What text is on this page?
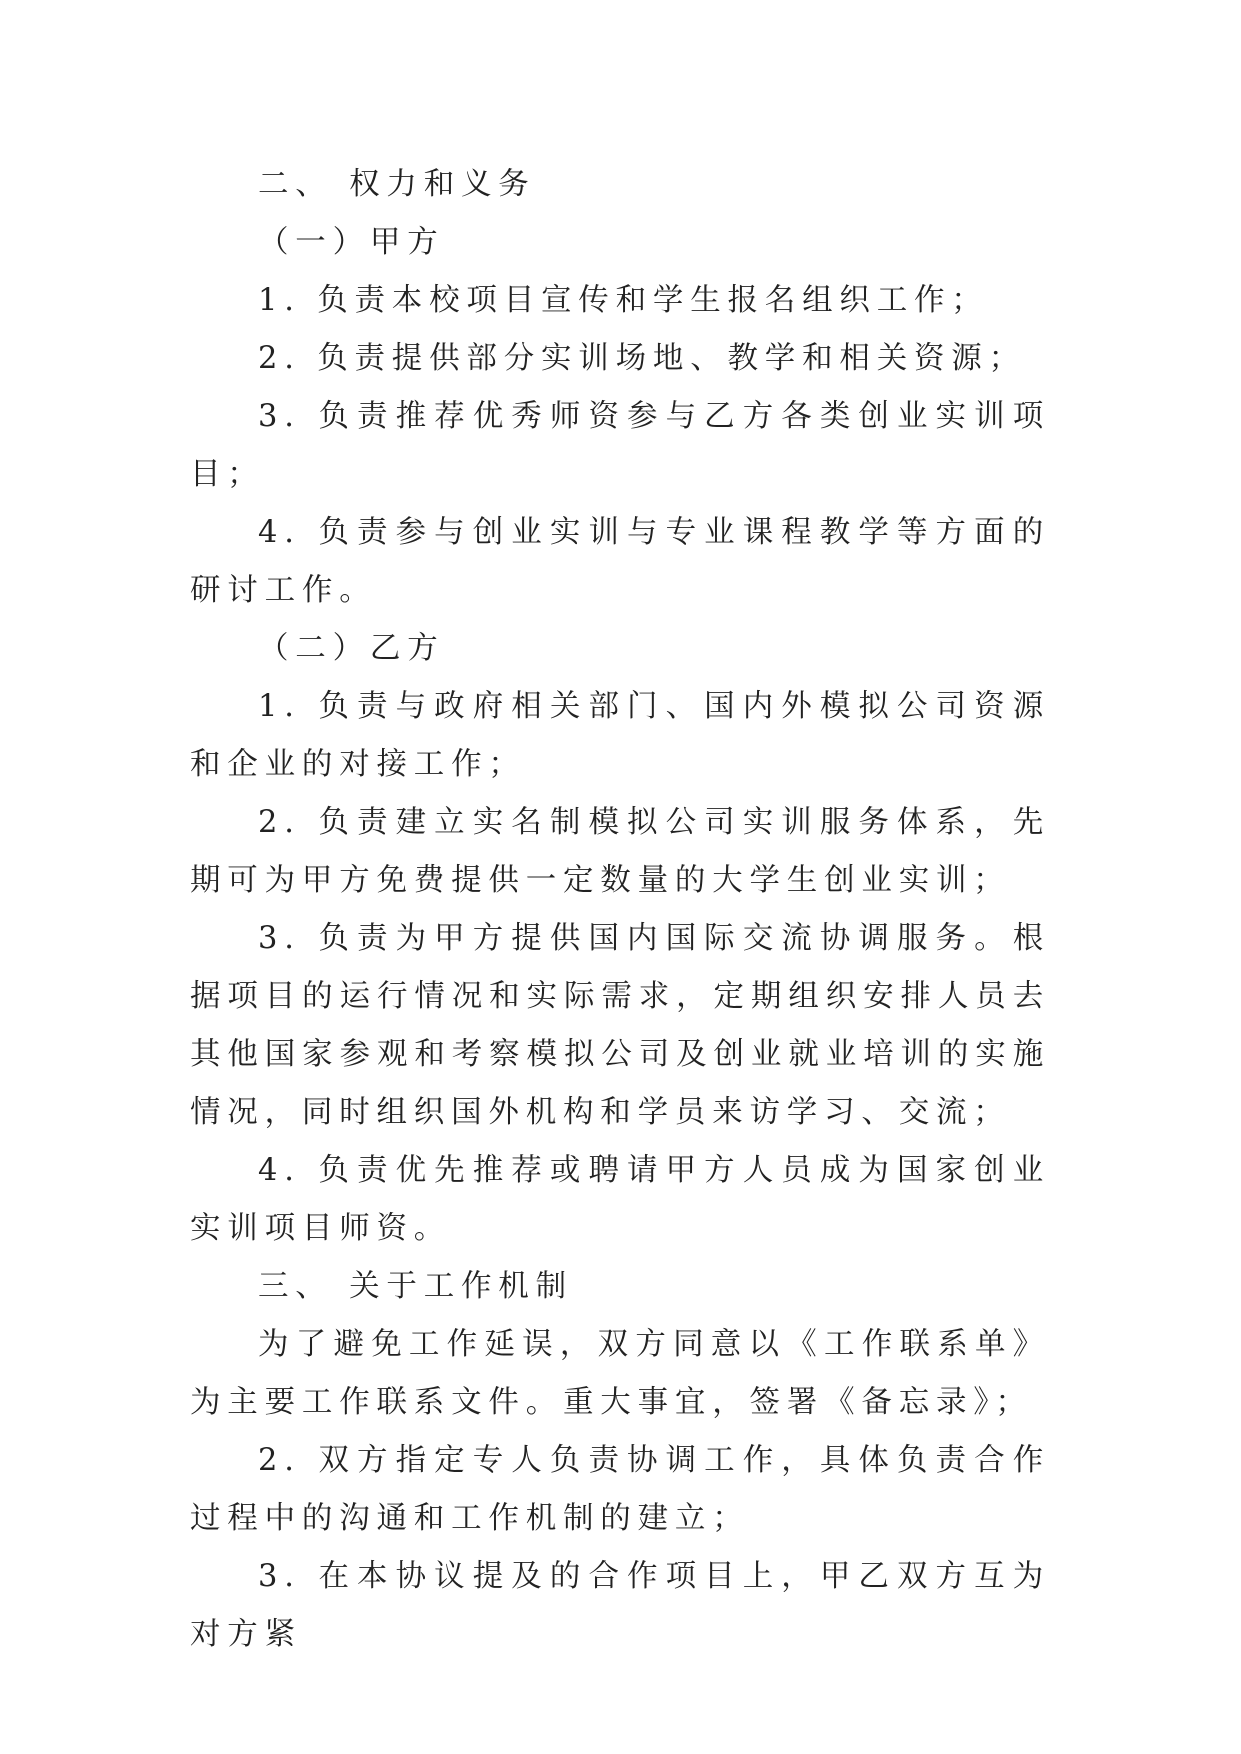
二、 权力和义务

（一）甲方

1. 负责本校项目宣传和学生报名组织工作；

2. 负责提供部分实训场地、教学和相关资源；

3. 负责推荐优秀师资参与乙方各类创业实训项目；

4. 负责参与创业实训与专业课程教学等方面的研讨工作。

（二）乙方

1. 负责与政府相关部门、国内外模拟公司资源和企业的对接工作；

2. 负责建立实名制模拟公司实训服务体系，先期可为甲方免费提供一定数量的大学生创业实训；

3. 负责为甲方提供国内国际交流协调服务。根据项目的运行情况和实际需求，定期组织安排人员去其他国家参观和考察模拟公司及创业就业培训的实施情况，同时组织国外机构和学员来访学习、交流；

4. 负责优先推荐或聘请甲方人员成为国家创业实训项目师资。

三、 关于工作机制

为了避免工作延误，双方同意以《工作联系单》为主要工作联系文件。重大事宜，签署《备忘录》；

2. 双方指定专人负责协调工作，具体负责合作过程中的沟通和工作机制的建立；

3. 在本协议提及的合作项目上，甲乙双方互为对方紧
